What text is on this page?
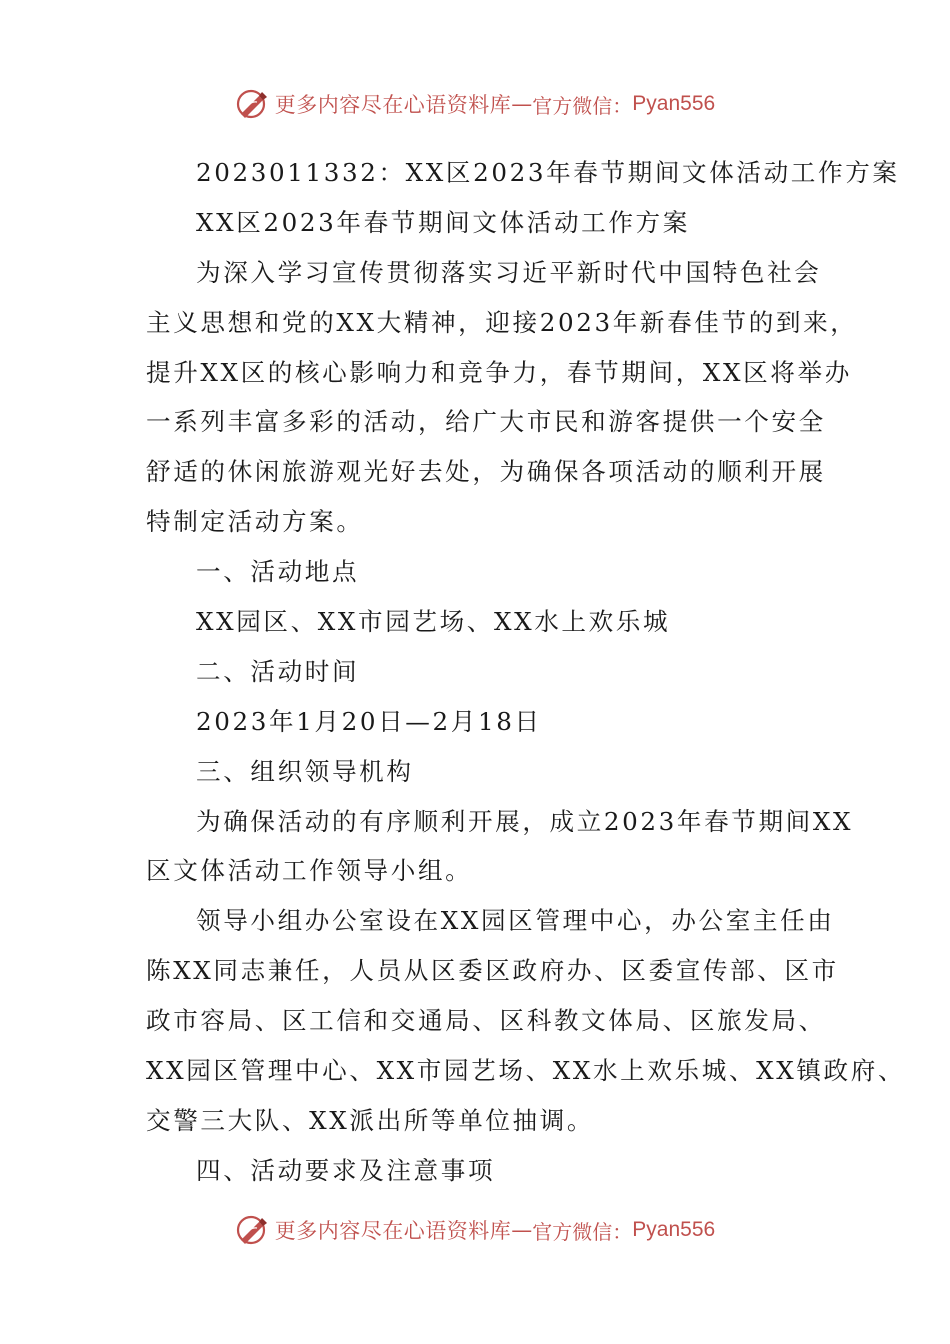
更多内容尽在心语资料库 — 官方微信： Pyan556
2023011332：XX区2023年春节期间文体活动工作方案
XX区2023年春节期间文体活动工作方案
为深入学习宣传贯彻落实习近平新时代中国特色社会
主义思想和党的XX大精神，迎接2023年新春佳节的到来，
提升XX区的核心影响力和竞争力，春节期间，XX区将举办
一系列丰富多彩的活动，给广大市民和游客提供一个安全
舒适的休闲旅游观光好去处，为确保各项活动的顺利开展
特制定活动方案。
一、活动地点
XX园区、XX市园艺场、XX水上欢乐城
二、活动时间
2023年1月20日—2月18日
三、组织领导机构
为确保活动的有序顺利开展，成立2023年春节期间XX
区文体活动工作领导小组。
领导小组办公室设在XX园区管理中心，办公室主任由
陈XX同志兼任，人员从区委区政府办、区委宣传部、区市
政市容局、区工信和交通局、区科教文体局、区旅发局、
XX园区管理中心、XX市园艺场、XX水上欢乐城、XX镇政府、
交警三大队、XX派出所等单位抽调。
四、活动要求及注意事项
更多内容尽在心语资料库 — 官方微信： Pyan556
